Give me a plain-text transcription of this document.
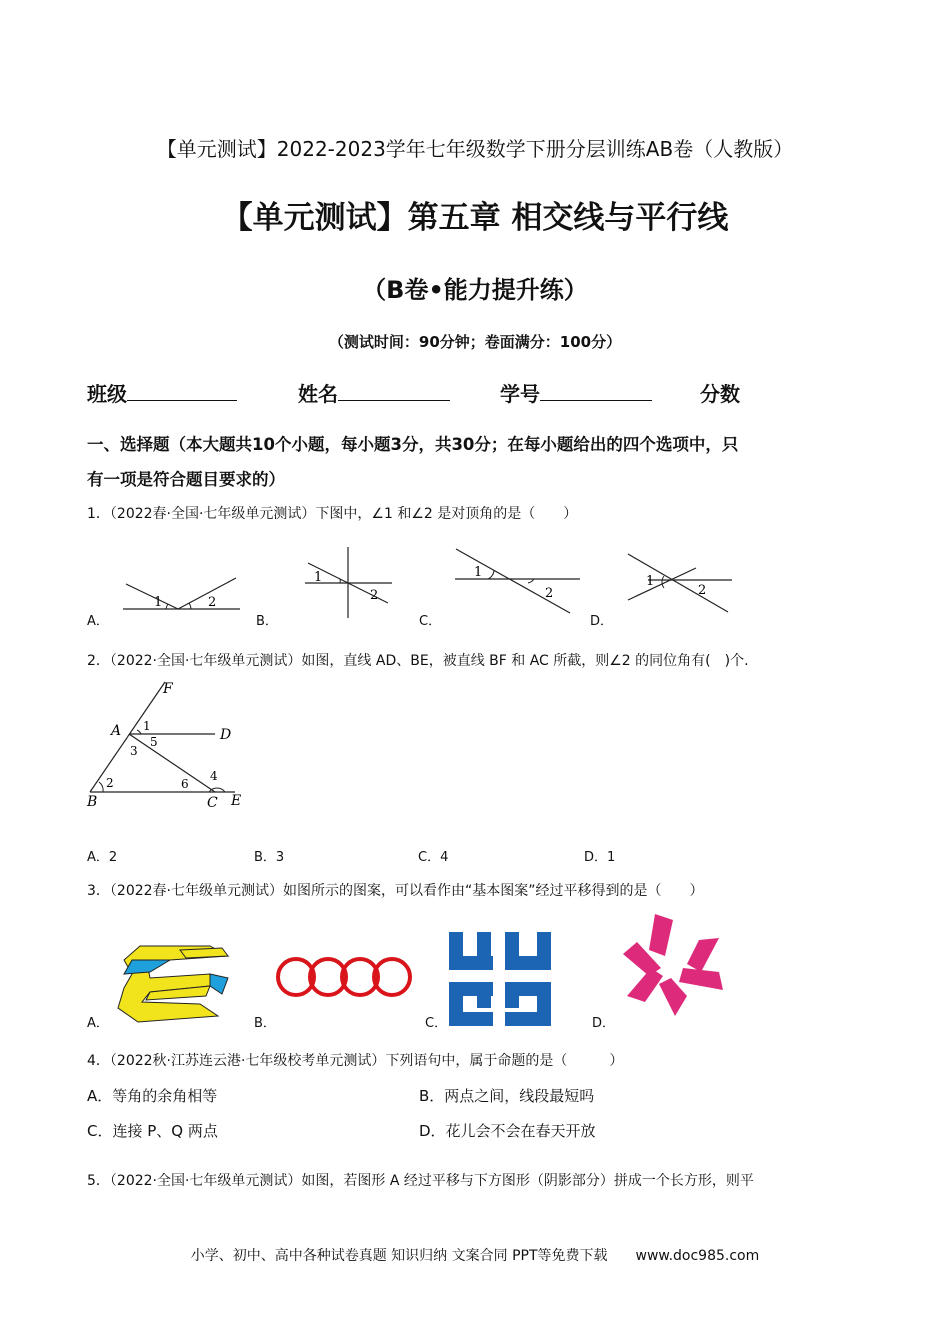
【单元测试】2022-2023学年七年级数学下册分层训练AB卷（人教版）
【单元测试】第五章 相交线与平行线
（B卷•能力提升练）
（测试时间：90分钟；卷面满分：100分）
班级	姓名	学号	分数
一、选择题（本大题共10个小题，每小题3分，共30分；在每小题给出的四个选项中，只
有一项是符合题目要求的）
1．（2022春·全国·七年级单元测试）下图中，∠1 和∠2 是对顶角的是（　　）
A．	B．	C．	D．
1	2
1
2
1
2
1
2
2．（2022·全国·七年级单元测试）如图，直线 AD、BE，被直线 BF 和 AC 所截，则∠2 的同位角有(　)个.
F
A	D
B	C E
1
2
3
4
5
6
A．2	B．3	C．4	D．1
3．（2022春·七年级单元测试）如图所示的图案，可以看作由“基本图案”经过平移得到的是（　　）
A．	B．	C．	D．
4．（2022秋·江苏连云港·七年级校考单元测试）下列语句中，属于命题的是（　　　）
A．等角的余角相等	B．两点之间，线段最短吗
C．连接 P、Q 两点	D．花儿会不会在春天开放
5．（2022·全国·七年级单元测试）如图，若图形 A 经过平移与下方图形（阴影部分）拼成一个长方形，则平
小学、初中、高中各种试卷真题 知识归纳 文案合同 PPT等免费下载　　www.doc985.com
